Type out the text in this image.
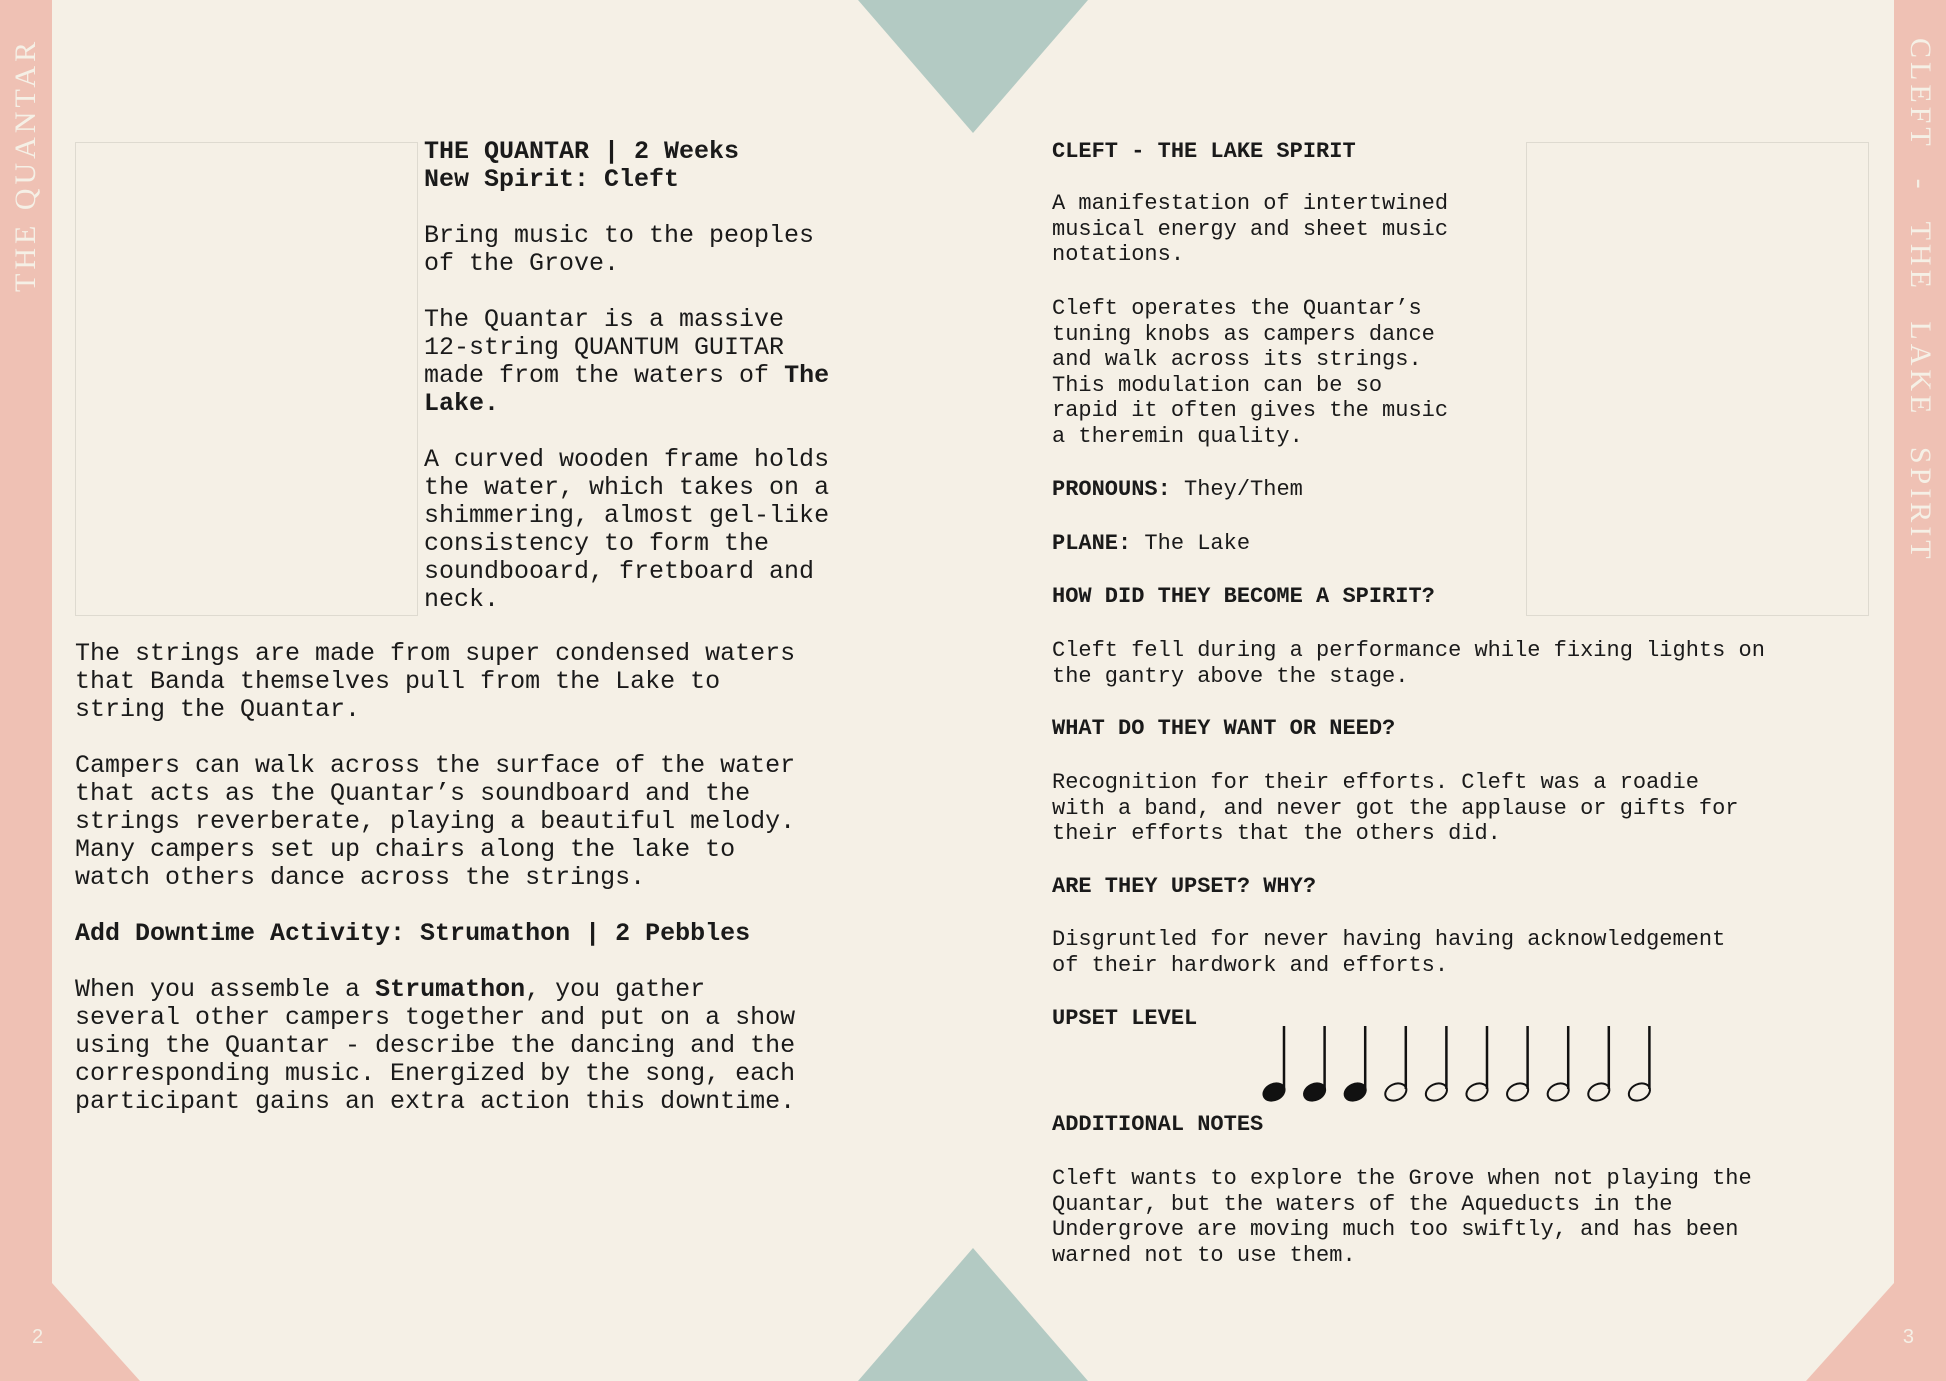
THE QUANTAR	CLEFT - THE LAKE SPIRIT
2	3
THE QUANTAR | 2 Weeks
New Spirit: Cleft
Bring music to the peoples
of the Grove.
The Quantar is a massive
12-string QUANTUM GUITAR
made from the waters of The
Lake.
A curved wooden frame holds
the water, which takes on a
shimmering, almost gel-like
consistency to form the
soundbooard, fretboard and
neck.
The strings are made from super condensed waters
that Banda themselves pull from the Lake to
string the Quantar.
Campers can walk across the surface of the water
that acts as the Quantar’s soundboard and the
strings reverberate, playing a beautiful melody.
Many campers set up chairs along the lake to
watch others dance across the strings.
Add Downtime Activity: Strumathon | 2 Pebbles
When you assemble a Strumathon, you gather
several other campers together and put on a show
using the Quantar - describe the dancing and the
corresponding music. Energized by the song, each
participant gains an extra action this downtime.
CLEFT - THE LAKE SPIRIT
A manifestation of intertwined
musical energy and sheet music
notations.
Cleft operates the Quantar’s
tuning knobs as campers dance
and walk across its strings.
This modulation can be so
rapid it often gives the music
a theremin quality.
PRONOUNS: They/Them
PLANE: The Lake
HOW DID THEY BECOME A SPIRIT?
Cleft fell during a performance while fixing lights on
the gantry above the stage.
WHAT DO THEY WANT OR NEED?
Recognition for their efforts. Cleft was a roadie
with a band, and never got the applause or gifts for
their efforts that the others did.
ARE THEY UPSET? WHY?
Disgruntled for never having having acknowledgement
of their hardwork and efforts.
UPSET LEVEL
ADDITIONAL NOTES
Cleft wants to explore the Grove when not playing the
Quantar, but the waters of the Aqueducts in the
Undergrove are moving much too swiftly, and has been
warned not to use them.
